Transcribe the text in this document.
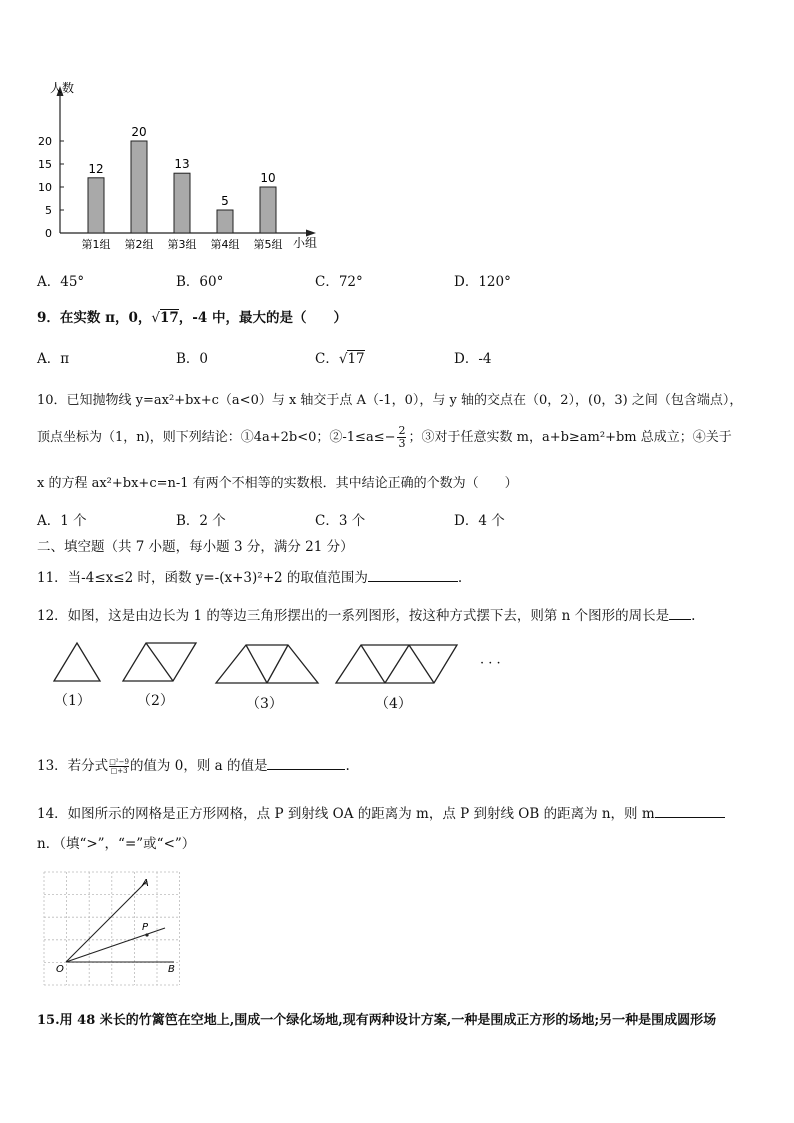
0
5
10
15
20
人数
小组
12
第1组
20
第2组
13
第3组
5
第4组
10
第5组
A．45°	B．60°	C．72°	D．120°
9．在实数 π，0，√17，-4 中，最大的是（　　）
A．π	B．0	C．√17	D．-4
10．已知抛物线 y=ax²+bx+c（a<0）与 x 轴交于点 A（-1，0），与 y 轴的交点在（0，2），(0，3) 之间（包含端点），
顶点坐标为（1，n)，则下列结论：①4a+2b<0；②-1≤a≤− $\frac{2}{3}$ ；③对于任意实数 m，a+b≥am²+bm 总成立；④关于
x 的方程 ax²+bx+c=n-1 有两个不相等的实数根．其中结论正确的个数为（　　）
A．1 个	B．2 个	C．3 个	D．4 个
二、填空题（共 7 小题，每小题 3 分，满分 21 分）
11．当-4≤x≤2 时，函数 y=-(x+3)²+2 的取值范围为	.
12．如图，这是由边长为 1 的等边三角形摆出的一系列图形，按这种方式摆下去，则第 n 个图形的周长是 .
· · ·
（1）	（2）	（3）	（4）
13．若分式 $\frac{\text{□²−9}}{□+3}$的值为 0，则 a 的值是	.
14．如图所示的网格是正方形网格，点 P 到射线 OA 的距离为 m，点 P 到射线 OB 的距离为 n，则 m
n．（填“>”，“=”或“<”）
A
P
O	B
15.用 48 米长的竹篱笆在空地上,围成一个绿化场地,现有两种设计方案,一种是围成正方形的场地;另一种是围成圆形场
